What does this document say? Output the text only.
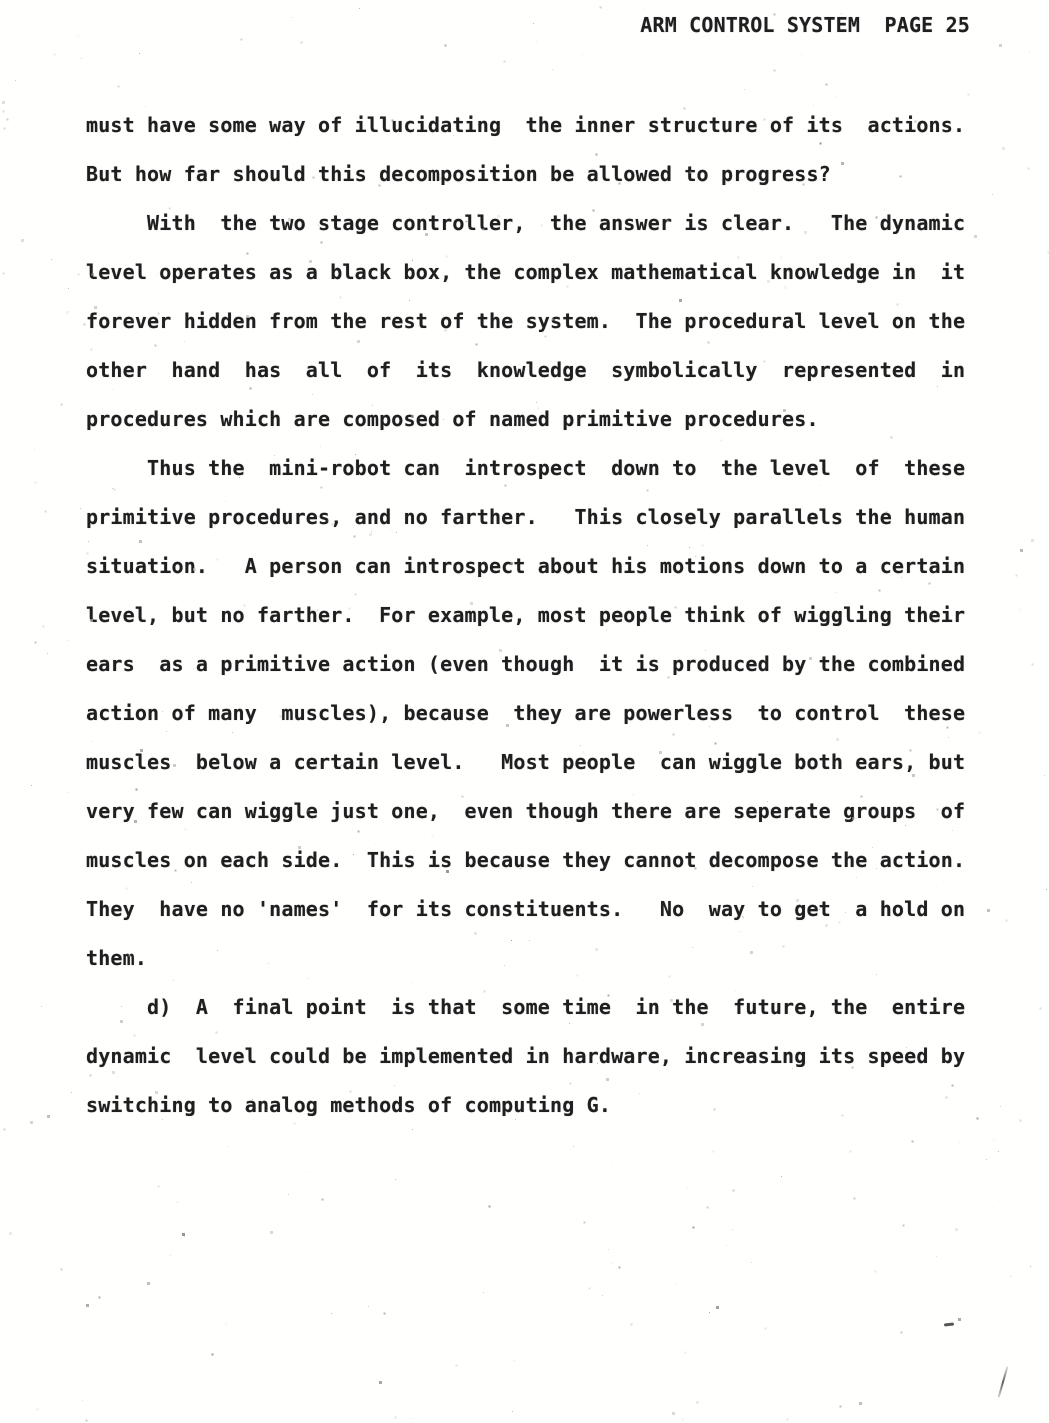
ARM CONTROL SYSTEM  PAGE 25
must have some way of illucidating  the inner structure of its  actions.
But how far should this decomposition be allowed to progress?
With  the two stage controller,  the answer is clear.   The dynamic
level operates as a black box, the complex mathematical knowledge in  it
forever hidden from the rest of the system.  The procedural level on the
other  hand  has  all  of  its  knowledge  symbolically  represented  in
procedures which are composed of named primitive procedures.
Thus the  mini-robot can  introspect  down to  the level  of  these
primitive procedures, and no farther.   This closely parallels the human
situation.   A person can introspect about his motions down to a certain
level, but no farther.  For example, most people think of wiggling their
ears  as a primitive action (even though  it is produced by the combined
action of many  muscles), because  they are powerless  to control  these
muscles  below a certain level.   Most people  can wiggle both ears, but
very few can wiggle just one,  even though there are seperate groups  of
muscles on each side.  This is because they cannot decompose the action.
They  have no 'names'  for its constituents.   No  way to get  a hold on
them.
d)  A  final point  is that  some time  in the  future, the  entire
dynamic  level could be implemented in hardware, increasing its speed by
switching to analog methods of computing G.
